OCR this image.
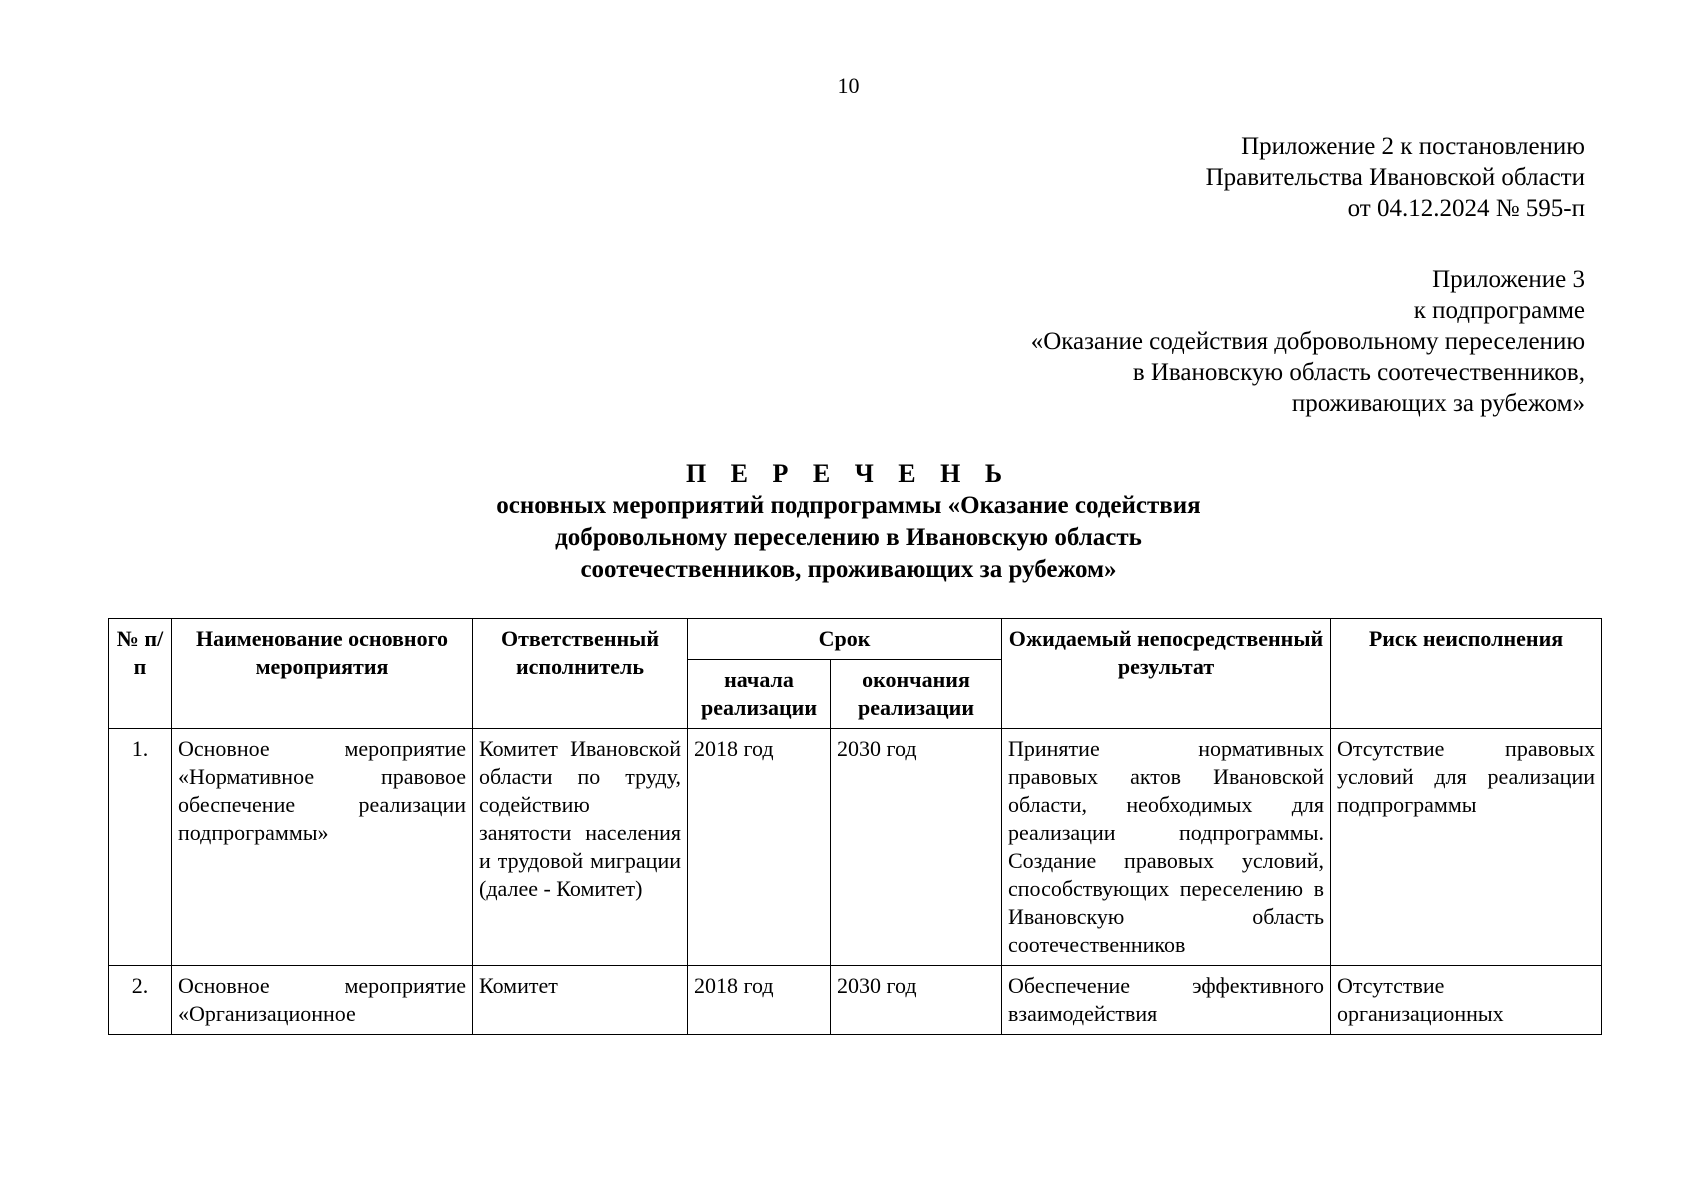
10
Приложение 2 к постановлению
Правительства Ивановской области
от 04.12.2024 № 595-п
Приложение 3
к подпрограмме
«Оказание содействия добровольному переселению
в Ивановскую область соотечественников,
проживающих за рубежом»
П Е Р Е Ч Е Н Ь
основных мероприятий подпрограммы «Оказание содействия
добровольному переселению в Ивановскую область
соотечественников, проживающих за рубежом»
№ п/п	Наименование основного мероприятия	Ответственный исполнитель	Срок		Ожидаемый непосредственный результат	Риск неисполнения
			начала реализации	окончания реализации		
1.	Основное мероприятие «Нормативное правовое обеспечение реализации подпрограммы»	Комитет Ивановской области по труду, содействию занятости населения и трудовой миграции (далее - Комитет)	2018 год	2030 год	Принятие нормативных правовых актов Ивановской области, необходимых для реализации подпрограммы. Создание правовых условий, способствующих переселению в Ивановскую область соотечественников	Отсутствие правовых условий для реализации подпрограммы
2.	Основное мероприятие «Организационное	Комитет	2018 год	2030 год	Обеспечение эффективного взаимодействия	Отсутствие организационных
